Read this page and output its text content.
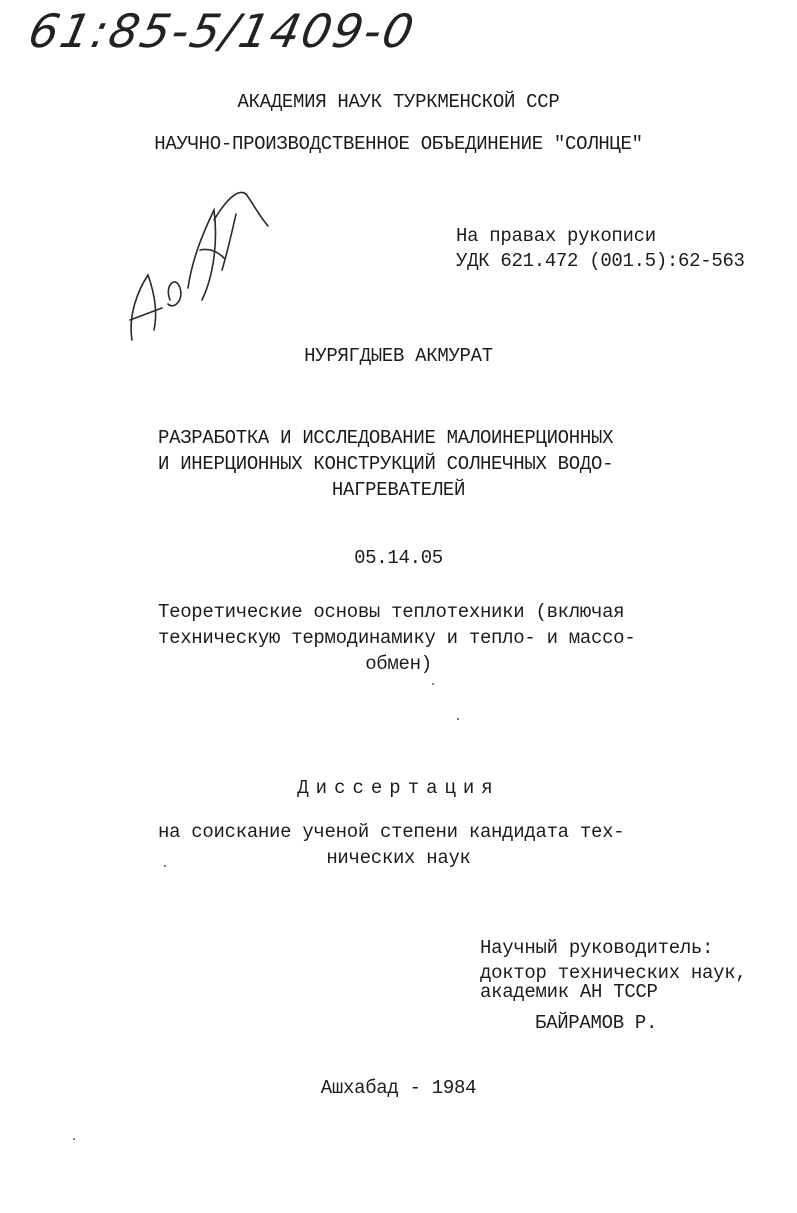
61:85-5/1409-0
АКАДЕМИЯ НАУК ТУРКМЕНСКОЙ ССР
НАУЧНО-ПРОИЗВОДСТВЕННОЕ ОБЪЕДИНЕНИЕ "СОЛНЦЕ"
На правах рукописи
УДК 621.472 (001.5):62-563
НУРЯГДЫЕВ АКМУРАТ
РАЗРАБОТКА И ИССЛЕДОВАНИЕ МАЛОИНЕРЦИОННЫХ
И ИНЕРЦИОННЫХ КОНСТРУКЦИЙ СОЛНЕЧНЫХ ВОДО-
НАГРЕВАТЕЛЕЙ
05.14.05
Теоретические основы теплотехники (включая
техническую термодинамику и тепло- и массо-
обмен)
Диссертация
на соискание ученой степени кандидата тех-
нических наук
Научный руководитель:
доктор технических наук,
академик АН ТССР
БАЙРАМОВ Р.
Ашхабад - 1984
